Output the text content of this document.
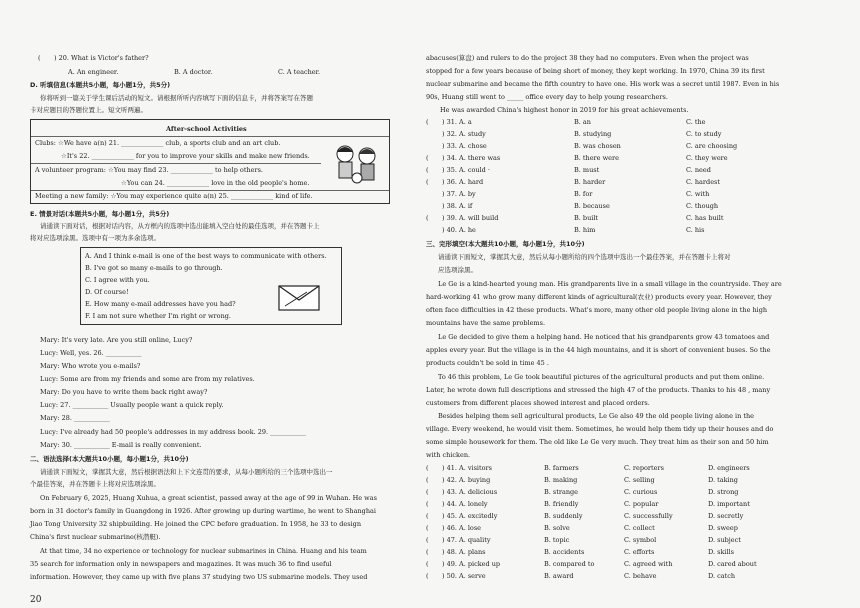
( ) 20. What is Victor's father?
A. An engineer.	B. A doctor.	C. A teacher.
D. 听填信息(本题共5小题，每小题1分，共5分)
你将听到一篇关于学生课后活动的短文。请根据所听内容填写下面的信息卡，并将答案写在答题
卡对应题目的答题位置上。短文听两遍。
After-school Activities
Clubs: ☆We have a(n) 21. _____________ club, a sports club and an art club.
☆It's 22. _____________ for you to improve your skills and make new friends.
A volunteer program: ☆You may find 23. _____________ to help others.
☆You can 24. _____________ love in the old people's home.
Meeting a new family: ☆You may experience quite a(n) 25. _____________ kind of life.
E. 情景对话(本题共5小题，每小题1分，共5分)
请通读下面对话，根据对话内容，从方框内的选项中选出能填入空白处的最佳选项，并在答题卡上
将对应选项涂黑。选项中有一项为多余选项。
A. And I think e-mail is one of the best ways to communicate with others.
B. I've got so many e-mails to go through.
C. I agree with you.
D. Of course!
E. How many e-mail addresses have you had?
F. I am not sure whether I'm right or wrong.
Mary: It's very late. Are you still online, Lucy?
Lucy: Well, yes. 26. ___________
Mary: Who wrote you e-mails?
Lucy: Some are from my friends and some are from my relatives.
Mary: Do you have to write them back right away?
Lucy: 27. ___________ Usually people want a quick reply.
Mary: 28. ___________
Lucy: I've already had 50 people's addresses in my address book. 29. ___________
Mary: 30. ___________ E-mail is really convenient.
二、语法选择(本大题共10小题，每小题1分，共10分)
请通读下面短文，掌握其大意，然后根据语法和上下文连贯的要求，从每小题所给的三个选项中选出一
个最佳答案，并在答题卡上将对应选项涂黑。
On February 6, 2025, Huang Xuhua, a great scientist, passed away at the age of 99 in Wuhan. He was
born in 31 doctor's family in Guangdong in 1926. After growing up during wartime, he went to Shanghai
Jiao Tong University 32 shipbuilding. He joined the CPC before graduation. In 1958, he 33 to design
China's first nuclear submarine(核潜艇).
At that time, 34 no experience or technology for nuclear submarines in China. Huang and his team
35 search for information only in newspapers and magazines. It was much 36 to find useful
information. However, they came up with five plans 37 studying two US submarine models. They used
20
abacuses(算盘) and rulers to do the project 38 they had no computers. Even when the project was
stopped for a few years because of being short of money, they kept working. In 1970, China 39 its first
nuclear submarine and became the fifth country to have one. His work was a secret until 1987. Even in his
90s, Huang still went to _____ office every day to help young researchers.
He was awarded China's highest honor in 2019 for his great achievements.
( ) 31. A. a	B. an	C. the
) 32. A. study	B. studying	C. to study
) 33. A. chose	B. was chosen	C. are choosing
( ) 34. A. there was	B. there were	C. they were
( ) 35. A. could ·	B. must	C. need
( ) 36. A. hard	B. harder	C. hardest
) 37. A. by	B. for	C. with
) 38. A. if	B. because	C. though
( ) 39. A. will build	B. built	C. has built
) 40. A. he	B. him	C. his
三、完形填空(本大题共10小题，每小题1分，共10分)
请通读下面短文，掌握其大意，然后从每小题所给的四个选项中选出一个最佳答案，并在答题卡上将对
应选项涂黑。
Le Ge is a kind-hearted young man. His grandparents live in a small village in the countryside. They are
hard-working 41 who grow many different kinds of agricultural(农业) products every year. However, they
often face difficulties in 42 these products. What's more, many other old people living alone in the high
mountains have the same problems.
Le Ge decided to give them a helping hand. He noticed that his grandparents grow 43 tomatoes and
apples every year. But the village is in the 44 high mountains, and it is short of convenient buses. So the
products couldn't be sold in time 45 .
To 46 this problem, Le Ge took beautiful pictures of the agricultural products and put them online.
Later, he wrote down full descriptions and stressed the high 47 of the products. Thanks to his 48 , many
customers from different places showed interest and placed orders.
Besides helping them sell agricultural products, Le Ge also 49 the old people living alone in the
village. Every weekend, he would visit them. Sometimes, he would help them tidy up their houses and do
some simple housework for them. The old like Le Ge very much. They treat him as their son and 50 him
with chicken.
( ) 41. A. visitors	B. farmers	C. reporters	D. engineers
( ) 42. A. buying	B. making	C. selling	D. taking
( ) 43. A. delicious	B. strange	C. curious	D. strong
( ) 44. A. lonely	B. friendly	C. popular	D. important
( ) 45. A. excitedly	B. suddenly	C. successfully	D. secretly
( ) 46. A. lose	B. solve	C. collect	D. sweep
( ) 47. A. quality	B. topic	C. symbol	D. subject
( ) 48. A. plans	B. accidents	C. efforts	D. skills
( ) 49. A. picked up	B. compared to	C. agreed with	D. cared about
( ) 50. A. serve	B. award	C. behave	D. catch
